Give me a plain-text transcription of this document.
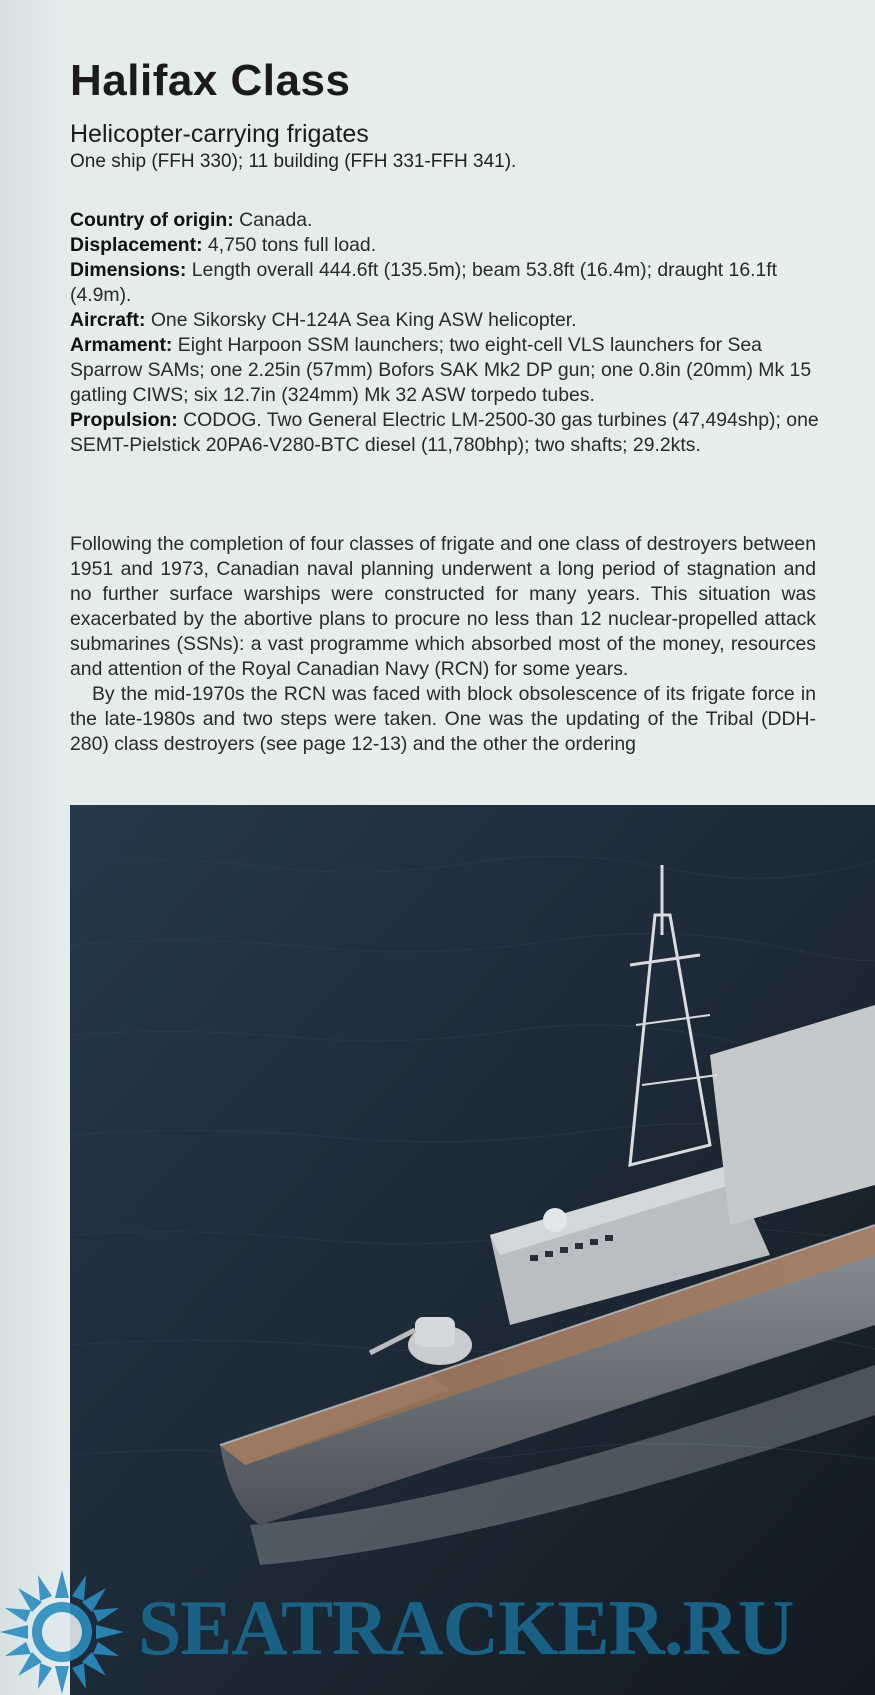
Halifax Class
Helicopter-carrying frigates
One ship (FFH 330); 11 building (FFH 331-FFH 341).

Country of origin: Canada.

Displacement: 4,750 tons full load.

Dimensions: Length overall 444.6ft (135.5m); beam 53.8ft (16.4m); draught 16.1ft (4.9m).

Aircraft: One Sikorsky CH-124A Sea King ASW helicopter.

Armament: Eight Harpoon SSM launchers; two eight-cell VLS launchers for Sea Sparrow SAMs; one 2.25in (57mm) Bofors SAK Mk2 DP gun; one 0.8in (20mm) Mk 15 gatling CIWS; six 12.7in (324mm) Mk 32 ASW torpedo tubes.

Propulsion: CODOG. Two General Electric LM-2500-30 gas turbines (47,494shp); one SEMT-Pielstick 20PA6-V280-BTC diesel (11,780bhp); two shafts; 29.2kts.

Following the completion of four classes of frigate and one class of destroyers between 1951 and 1973, Canadian naval planning underwent a long period of stagnation and no further surface warships were constructed for many years. This situation was exacerbated by the abortive plans to procure no less than 12 nuclear-propelled attack submarines (SSNs): a vast programme which absorbed most of the money, resources and attention of the Royal Canadian Navy (RCN) for some years.

By the mid-1970s the RCN was faced with block obsolescence of its frigate force in the late-1980s and two steps were taken. One was the updating of the Tribal (DDH-280) class destroyers (see page 12-13) and the other the ordering

SEATRACKER.RU
